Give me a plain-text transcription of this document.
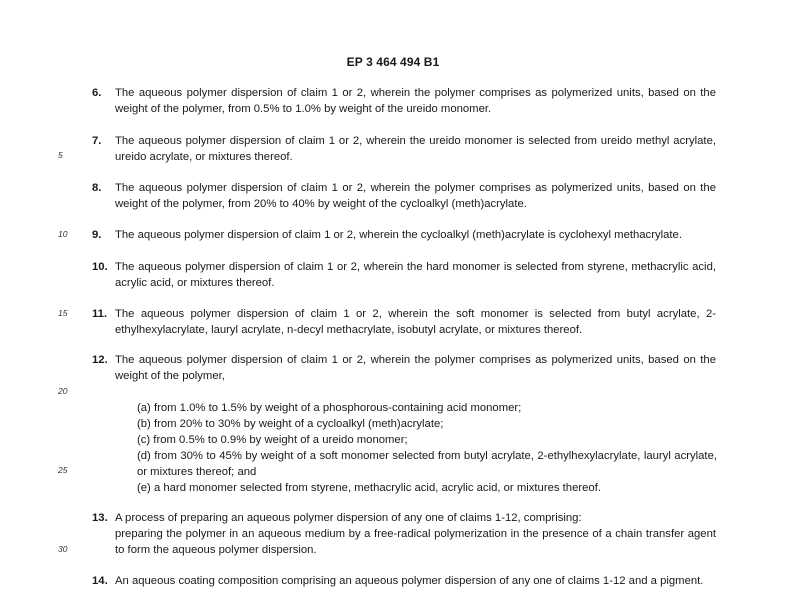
EP 3 464 494 B1
5
10
15
20
25
30
6. The aqueous polymer dispersion of claim 1 or 2, wherein the polymer comprises as polymerized units, based on the weight of the polymer, from 0.5% to 1.0% by weight of the ureido monomer.
7. The aqueous polymer dispersion of claim 1 or 2, wherein the ureido monomer is selected from ureido methyl acrylate, ureido acrylate, or mixtures thereof.
8. The aqueous polymer dispersion of claim 1 or 2, wherein the polymer comprises as polymerized units, based on the weight of the polymer, from 20% to 40% by weight of the cycloalkyl (meth)acrylate.
9. The aqueous polymer dispersion of claim 1 or 2, wherein the cycloalkyl (meth)acrylate is cyclohexyl methacrylate.
10. The aqueous polymer dispersion of claim 1 or 2, wherein the hard monomer is selected from styrene, methacrylic acid, acrylic acid, or mixtures thereof.
11. The aqueous polymer dispersion of claim 1 or 2, wherein the soft monomer is selected from butyl acrylate, 2-ethylhexylacrylate, lauryl acrylate, n-decyl methacrylate, isobutyl acrylate, or mixtures thereof.
12. The aqueous polymer dispersion of claim 1 or 2, wherein the polymer comprises as polymerized units, based on the weight of the polymer,

(a) from 1.0% to 1.5% by weight of a phosphorous-containing acid monomer;

(b) from 20% to 30% by weight of a cycloalkyl (meth)acrylate;

(c) from 0.5% to 0.9% by weight of a ureido monomer;

(d) from 30% to 45% by weight of a soft monomer selected from butyl acrylate, 2-ethylhexylacrylate, lauryl acrylate, or mixtures thereof; and

(e) a hard monomer selected from styrene, methacrylic acid, acrylic acid, or mixtures thereof.

13. A process of preparing an aqueous polymer dispersion of any one of claims 1-12, comprising:

preparing the polymer in an aqueous medium by a free-radical polymerization in the presence of a chain transfer agent to form the aqueous polymer dispersion.

14. An aqueous coating composition comprising an aqueous polymer dispersion of any one of claims 1-12 and a pigment.
